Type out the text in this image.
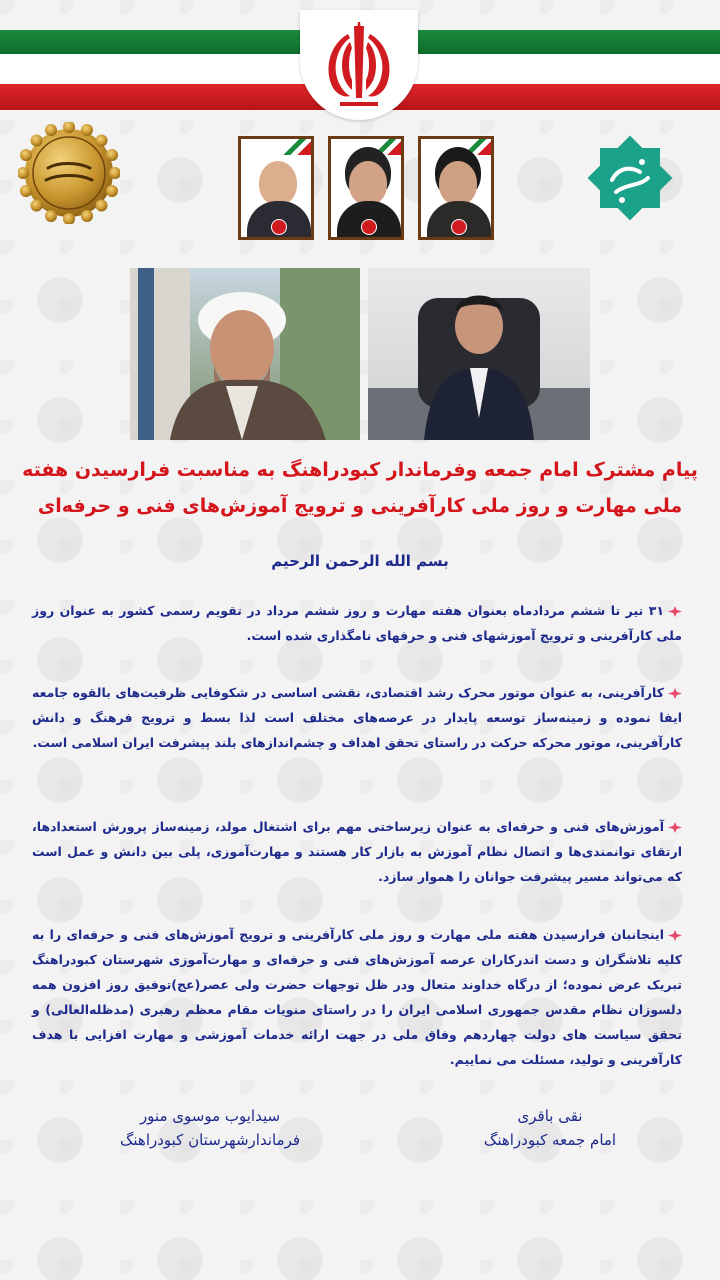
پیام مشترک امام جمعه وفرماندار کبودراهنگ به مناسبت فرارسیدن هفته
ملی مهارت و روز ملی کارآفرینی و ترویج آموزش‌های فنی و حرفه‌ای
بسم الله الرحمن الرحیم
۳۱ تیر تا ششم مردادماه بعنوان هفته مهارت و روز ششم مرداد در تقویم رسمی کشور به عنوان روز ملی کارآفرینی و ترویج آموزشهای فنی و حرفهای نامگذاری شده است.
کارآفرینی، به عنوان موتور محرک رشد اقتصادی، نقشی اساسی در شکوفایی ظرفیت‌های بالقوه جامعه ایفا نموده و زمینه‌ساز توسعه پایدار در عرصه‌های مختلف است لذا بسط و ترویج فرهنگ و دانش کارآفرینی، موتور محرکه حرکت در راستای تحقق اهداف و چشم‌اندازهای بلند پیشرفت ایران اسلامی است.
آموزش‌های فنی و حرفه‌ای به عنوان زیرساختی مهم برای اشتغال مولد، زمینه‌ساز پرورش استعدادها، ارتقای توانمندی‌ها و اتصال نظام آموزش به بازار کار هستند و مهارت‌آموزی، پلی بین دانش و عمل است که می‌تواند مسیر پیشرفت جوانان را هموار سازد.
اینجانبان فرارسیدن هفته ملی مهارت و روز ملی کارآفرینی و ترویج آموزش‌های فنی و حرفه‌ای را به کلیه تلاشگران و دست اندرکاران عرصه آموزش‌های فنی و حرفه‌ای و مهارت‌آموزی شهرستان کبودراهنگ تبریک عرض نموده؛ از درگاه خداوند متعال ودر ظل توجهات حضرت ولی عصر(عج)توفیق روز افزون همه دلسوزان نظام مقدس جمهوری اسلامی ایران را در راستای منویات مقام معظم رهبری (مدظله‌العالی) و تحقق سیاست های دولت چهاردهم وفاق ملی در جهت ارائه خدمات آموزشی و مهارت افزایی با هدف کارآفرینی و تولید، مسئلت می نماییم.
نقی باقری
امام جمعه کبودراهنگ
سیدایوب موسوی منور
فرماندارشهرستان کبودراهنگ
